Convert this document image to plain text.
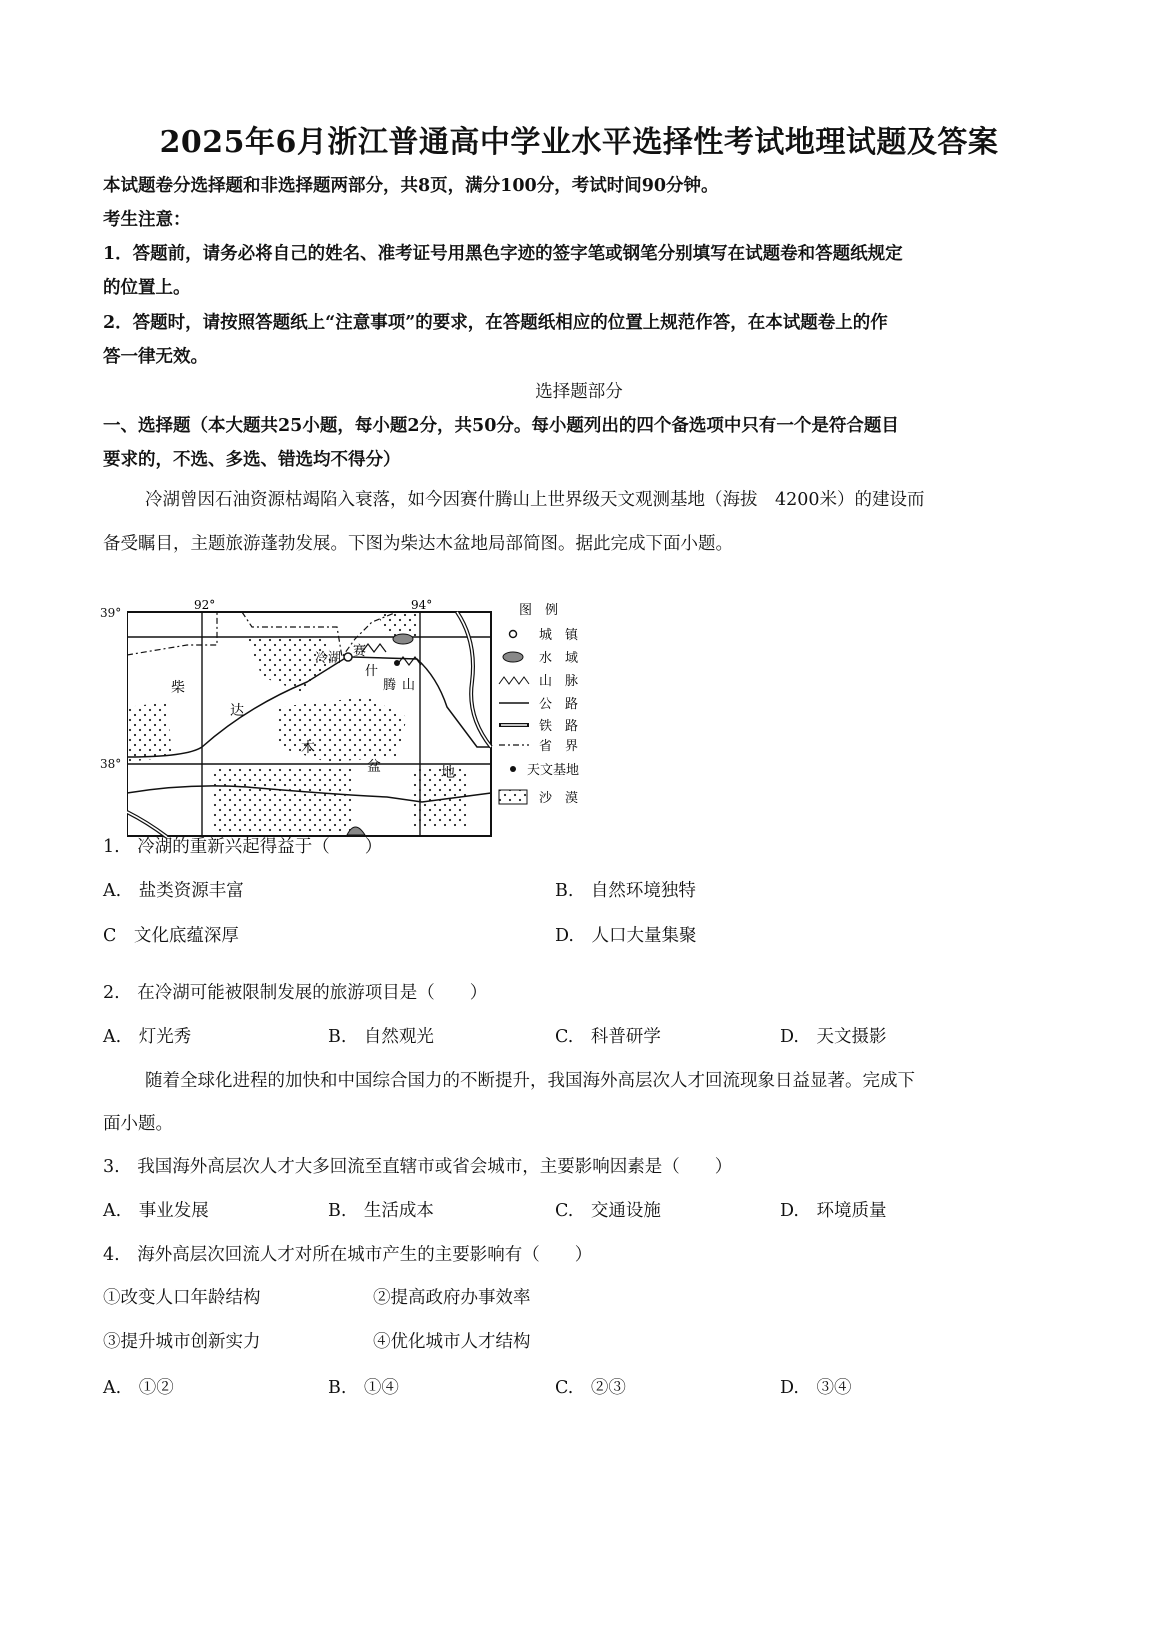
2025年6月浙江普通高中学业水平选择性考试地理试题及答案
本试题卷分选择题和非选择题两部分，共8页，满分100分，考试时间90分钟。
考生注意：
1．答题前，请务必将自己的姓名、准考证号用黑色字迹的签字笔或钢笔分别填写在试题卷和答题纸规定
的位置上。
2．答题时，请按照答题纸上“注意事项”的要求，在答题纸相应的位置上规范作答，在本试题卷上的作
答一律无效。
选择题部分
一、选择题（本大题共25小题，每小题2分，共50分。每小题列出的四个备选项中只有一个是符合题目
要求的，不选、多选、错选均不得分）
冷湖曾因石油资源枯竭陷入衰落，如今因赛什腾山上世界级天文观测基地（海拔　4200米）的建设而
备受瞩目，主题旅游蓬勃发展。下图为柴达木盆地局部简图。据此完成下面小题。
92°	94°
冷湖 赛
什
腾 山
柴
达
木
盆	地
图　例
城　镇
水　域
山　脉
公　路
铁　路
省　界
天文基地
沙　漠
39°
38°
1.　冷湖的重新兴起得益于（　　）
A.　盐类资源丰富	B.　自然环境独特
C　文化底蕴深厚	D.　人口大量集聚
2.　在冷湖可能被限制发展的旅游项目是（　　）
A.　灯光秀	B.　自然观光	C.　科普研学	D.　天文摄影
随着全球化进程的加快和中国综合国力的不断提升，我国海外高层次人才回流现象日益显著。完成下
面小题。
3.　我国海外高层次人才大多回流至直辖市或省会城市，主要影响因素是（　　）
A.　事业发展	B.　生活成本	C.　交通设施	D.　环境质量
4.　海外高层次回流人才对所在城市产生的主要影响有（　　）
①改变人口年龄结构	②提高政府办事效率
③提升城市创新实力	④优化城市人才结构
A.　①②	B.　①④	C.　②③	D.　③④
